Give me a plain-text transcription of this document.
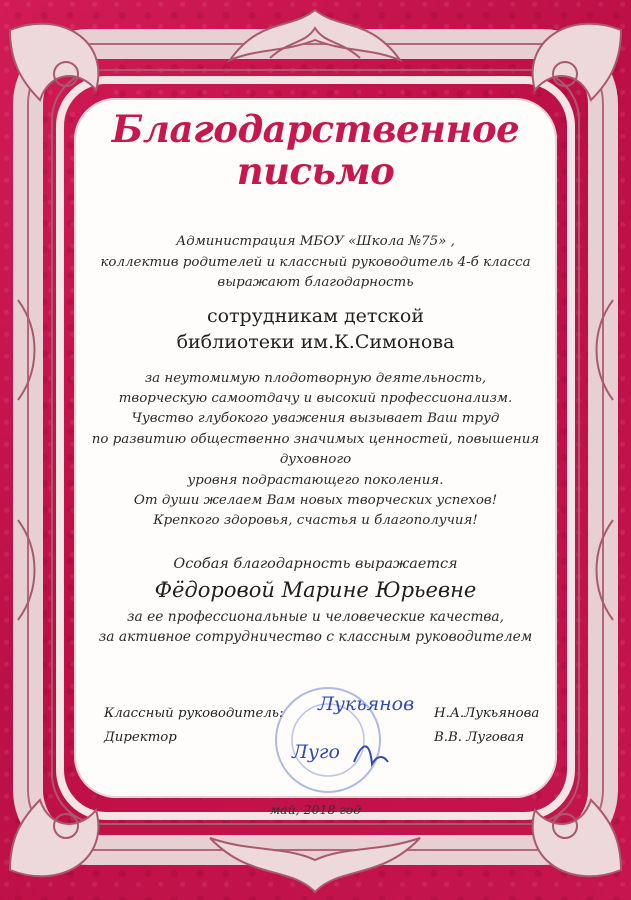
Благодарственное письмо

Администрация МБОУ «Школа №75» ,
коллектив родителей и классный руководитель 4-б класса
выражают благодарность

сотрудникам детской
библиотеки им.К.Симонова

за неутомимую плодотворную деятельность,
творческую самоотдачу и высокий профессионализм.
Чувство глубокого уважения вызывает Ваш труд
по развитию общественно значимых ценностей, повышения духовного
уровня подрастающего поколения.
От души желаем Вам новых творческих успехов!
Крепкого здоровья, счастья и благополучия!

Особая благодарность выражается

Фёдоровой Марине Юрьевне

за ее профессиональные и человеческие качества,
за активное сотрудничество с классным руководителем

Лукьянов
Луго
Классный руководитель:	Н.А.Лукьянова
Директор	В.В. Луговая
май, 2018 год
